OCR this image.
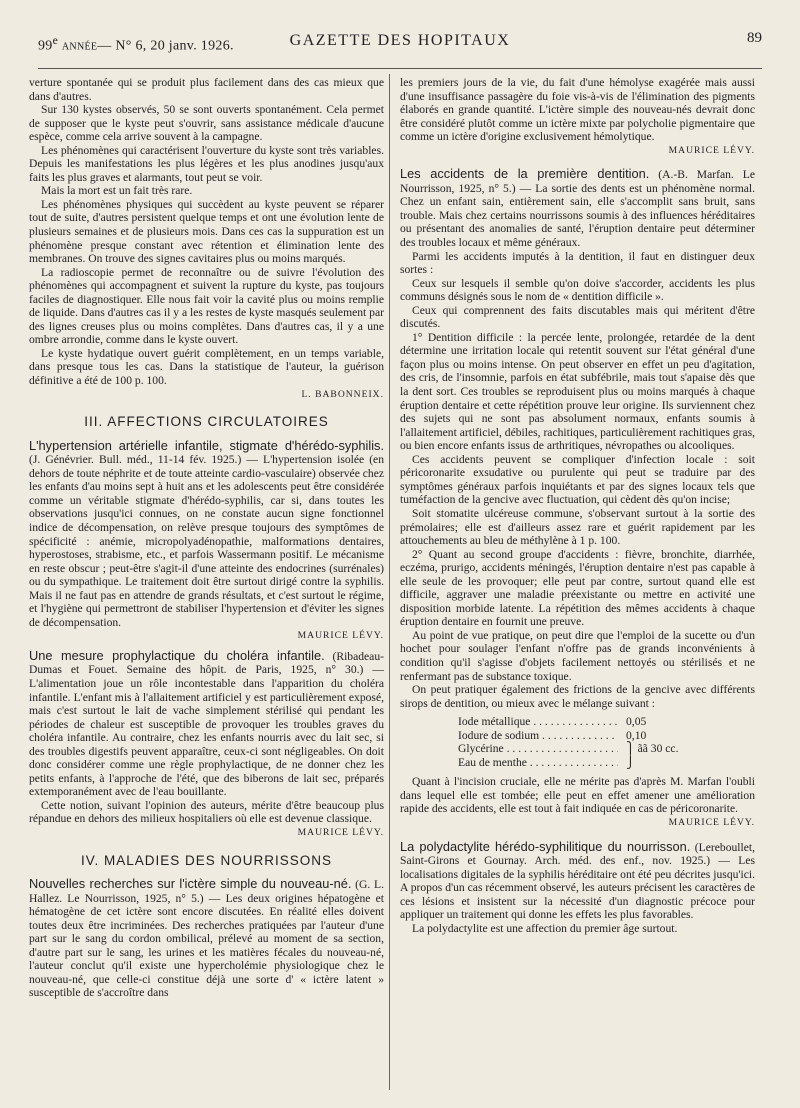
99e ANNÉE— N° 6, 20 janv. 1926.	GAZETTE DES HOPITAUX	89

verture spontanée qui se produit plus facilement dans des cas mieux que dans d'autres.

Sur 130 kystes observés, 50 se sont ouverts spontanément. Cela permet de supposer que le kyste peut s'ouvrir, sans assistance médicale d'aucune espèce, comme cela arrive souvent à la campagne.

Les phénomènes qui caractérisent l'ouverture du kyste sont très variables. Depuis les manifestations les plus légères et les plus anodines jusqu'aux faits les plus graves et alarmants, tout peut se voir.

Mais la mort est un fait très rare.

Les phénomènes physiques qui succèdent au kyste peuvent se réparer tout de suite, d'autres persistent quelque temps et ont une évolution lente de plusieurs semaines et de plusieurs mois. Dans ces cas la suppuration est un phénomène presque constant avec rétention et élimination lente des membranes. On trouve des signes cavitaires plus ou moins marqués.

La radioscopie permet de reconnaître ou de suivre l'évolution des phénomènes qui accompagnent et suivent la rupture du kyste, pas toujours faciles de diagnostiquer. Elle nous fait voir la cavité plus ou moins remplie de liquide. Dans d'autres cas il y a les restes de kyste masqués seulement par des lignes creuses plus ou moins complètes. Dans d'autres cas, il y a une ombre arrondie, comme dans le kyste ouvert.

Le kyste hydatique ouvert guérit complètement, en un temps variable, dans presque tous les cas. Dans la statistique de l'auteur, la guérison définitive a été de 100 p. 100.

L. BABONNEIX.
III. AFFECTIONS CIRCULATOIRES

L'hypertension artérielle infantile, stigmate d'hérédo-syphilis. (J. Génévrier. Bull. méd., 11-14 fév. 1925.) — L'hypertension isolée (en dehors de toute néphrite et de toute atteinte cardio-vasculaire) observée chez les enfants d'au moins sept à huit ans et les adolescents peut être considérée comme un véritable stigmate d'hérédo-syphilis, car si, dans toutes les observations jusqu'ici connues, on ne constate aucun signe fonctionnel indice de décompensation, on relève presque toujours des symptômes de spécificité : anémie, micropolyadénopathie, malformations dentaires, hyperostoses, strabisme, etc., et parfois Wassermann positif. Le mécanisme en reste obscur ; peut-être s'agit-il d'une atteinte des endocrines (surrénales) ou du sympathique. Le traitement doit être surtout dirigé contre la syphilis. Mais il ne faut pas en attendre de grands résultats, et c'est surtout le régime, et l'hygiène qui permettront de stabiliser l'hypertension et d'éviter les signes de décompensation.
MAURICE LÉVY.

Une mesure prophylactique du choléra infantile. (Ribadeau-Dumas et Fouet. Semaine des hôpit. de Paris, 1925, n° 30.) — L'alimentation joue un rôle incontestable dans l'apparition du choléra infantile. L'enfant mis à l'allaitement artificiel y est particulièrement exposé, mais c'est surtout le lait de vache simplement stérilisé qui pendant les périodes de chaleur est susceptible de provoquer les troubles graves du choléra infantile. Au contraire, chez les enfants nourris avec du lait sec, si des troubles digestifs peuvent apparaître, ceux-ci sont négligeables. On doit donc considérer comme une règle prophylactique, de ne donner chez les petits enfants, à l'approche de l'été, que des biberons de lait sec, préparés extemporanément avec de l'eau bouillante.

Cette notion, suivant l'opinion des auteurs, mérite d'être beaucoup plus répandue en dehors des milieux hospitaliers où elle est devenue classique.
MAURICE LÉVY.

IV. MALADIES DES NOURRISSONS

Nouvelles recherches sur l'ictère simple du nouveau-né. (G. L. Hallez. Le Nourrisson, 1925, n° 5.) — Les deux origines hépatogène et hématogène de cet ictère sont encore discutées. En réalité elles doivent toutes deux être incriminées. Des recherches pratiquées par l'auteur d'une part sur le sang du cordon ombilical, prélevé au moment de sa section, d'autre part sur le sang, les urines et les matières fécales du nouveau-né, l'auteur conclut qu'il existe une hypercholémie physiologique chez le nouveau-né, que celle-ci constitue déjà une sorte d' « ictère latent » susceptible de s'accroître dans

les premiers jours de la vie, du fait d'une hémolyse exagérée mais aussi d'une insuffisance passagère du foie vis-à-vis de l'élimination des pigments élaborés en grande quantité. L'ictère simple des nouveau-nés devrait donc être considéré plutôt comme un ictère mixte par polycholie pigmentaire que comme un ictère d'origine exclusivement hémolytique.
MAURICE LÉVY.

Les accidents de la première dentition. (A.-B. Marfan. Le Nourrisson, 1925, n° 5.) — La sortie des dents est un phénomène normal. Chez un enfant sain, entièrement sain, elle s'accomplit sans bruit, sans trouble. Mais chez certains nourrissons soumis à des influences héréditaires ou présentant des anomalies de santé, l'éruption dentaire peut déterminer des troubles locaux et même généraux.

Parmi les accidents imputés à la dentition, il faut en distinguer deux sortes :

Ceux sur lesquels il semble qu'on doive s'accorder, accidents les plus communs désignés sous le nom de « dentition difficile ».

Ceux qui comprennent des faits discutables mais qui méritent d'être discutés.

1° Dentition difficile : la percée lente, prolongée, retardée de la dent détermine une irritation locale qui retentit souvent sur l'état général d'une façon plus ou moins intense. On peut observer en effet un peu d'agitation, des cris, de l'insomnie, parfois en état subfébrile, mais tout s'apaise dès que la dent sort. Ces troubles se reproduisent plus ou moins marqués à chaque éruption dentaire et cette répétition prouve leur origine. Ils surviennent chez des sujets qui ne sont pas absolument normaux, enfants soumis à l'allaitement artificiel, débiles, rachitiques, particulièrement rachitiques gras, ou bien encore enfants issus de arthritiques, névropathes ou alcooliques.

Ces accidents peuvent se compliquer d'infection locale : soit péricoronarite exsudative ou purulente qui peut se traduire par des symptômes généraux parfois inquiétants et par des signes locaux tels que tuméfaction de la gencive avec fluctuation, qui cèdent dès qu'on incise;

Soit stomatite ulcéreuse commune, s'observant surtout à la sortie des prémolaires; elle est d'ailleurs assez rare et guérit rapidement par les attouchements au bleu de méthylène à 1 p. 100.

2° Quant au second groupe d'accidents : fièvre, bronchite, diarrhée, eczéma, prurigo, accidents méningés, l'éruption dentaire n'est pas capable à elle seule de les provoquer; elle peut par contre, surtout quand elle est difficile, aggraver une maladie préexistante ou mettre en activité une disposition morbide latente. La répétition des mêmes accidents à chaque éruption dentaire en fournit une preuve.

Au point de vue pratique, on peut dire que l'emploi de la sucette ou d'un hochet pour soulager l'enfant n'offre pas de grands inconvénients à condition qu'il s'agisse d'objets facilement nettoyés ou stérilisés et ne renfermant pas de substance toxique.

On peut pratiquer également des frictions de la gencive avec différents sirops de dentition, ou mieux avec le mélange suivant :

Iode métallique . . .	0,05
Iodure de sodium . . .	0,10
Glycérine . . .	⎫ ãã 30 cc.
Eau de menthe . . .	⎭

Quant à l'incision cruciale, elle ne mérite pas d'après M. Marfan l'oubli dans lequel elle est tombée; elle peut en effet amener une amélioration rapide des accidents, elle est tout à fait indiquée en cas de péricoronarite.
MAURICE LÉVY.

La polydactylite hérédo-syphilitique du nourrisson. (Lereboullet, Saint-Girons et Gournay. Arch. méd. des enf., nov. 1925.) — Les localisations digitales de la syphilis héréditaire ont été peu décrites jusqu'ici. A propos d'un cas récemment observé, les auteurs précisent les caractères de ces lésions et insistent sur la nécessité d'un diagnostic précoce pour appliquer un traitement qui donne les effets les plus favorables.

La polydactylite est une affection du premier âge surtout.
